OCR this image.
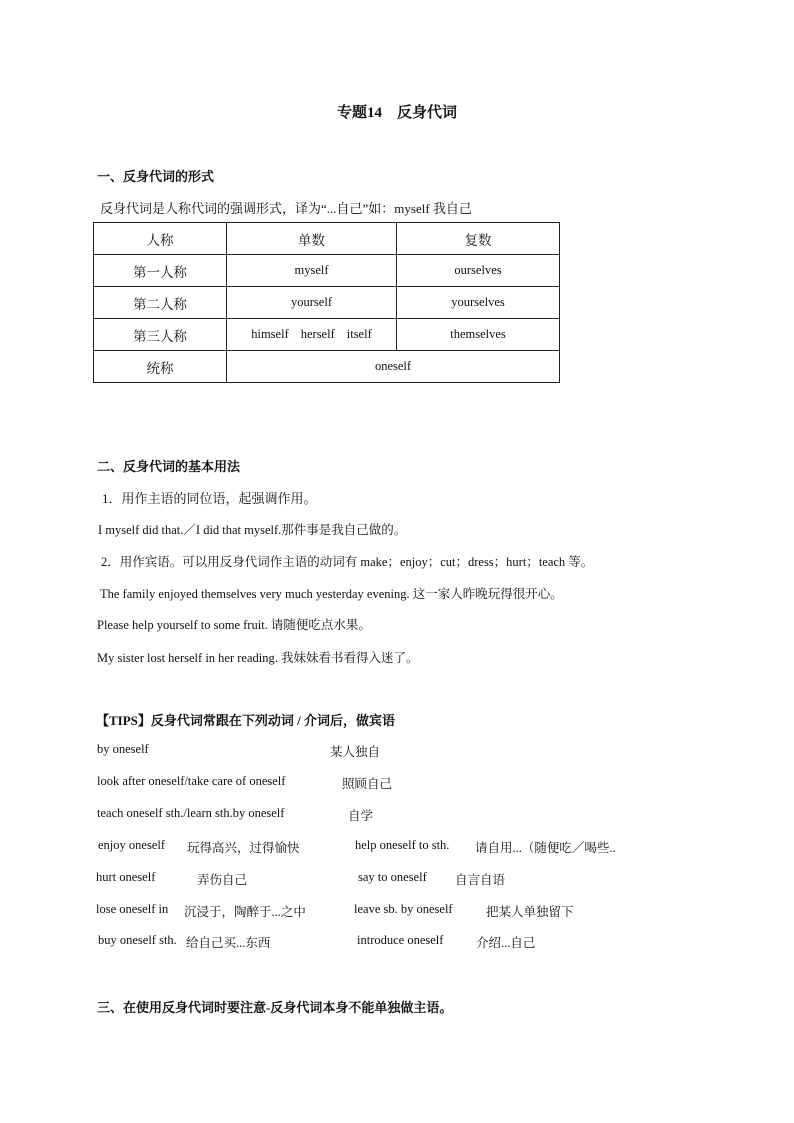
专题14　反身代词
一、反身代词的形式
反身代词是人称代词的强调形式，译为“...自己”如：myself 我自己
人称	单数	复数
第一人称	myself	ourselves
第二人称	yourself	yourselves
第三人称	himself herself itself	themselves
统称	oneself	
二、反身代词的基本用法
1．用作主语的同位语，起强调作用。
I myself did that.／I did that myself.那件事是我自己做的。
2．用作宾语。可以用反身代词作主语的动词有 make；enjoy；cut；dress；hurt；teach 等。
The family enjoyed themselves very much yesterday evening. 这一家人昨晚玩得很开心。
Please help yourself to some fruit. 请随便吃点水果。
My sister lost herself in her reading. 我妹妹看书看得入迷了。
【TIPS】反身代词常跟在下列动词 / 介词后，做宾语
by oneself	某人独自
look after oneself/take care of oneself	照顾自己
teach oneself sth./learn sth.by oneself	自学
enjoy oneself 玩得高兴，过得愉快	help oneself to sth. 请自用...（随便吃／喝些..
hurt oneself	弄伤自己	say to oneself 自言自语
lose oneself in 沉浸于，陶醉于...之中	leave sb. by oneself	把某人单独留下
buy oneself sth. 给自己买...东西	introduce oneself	介绍...自己
三、在使用反身代词时要注意-反身代词本身不能单独做主语。
